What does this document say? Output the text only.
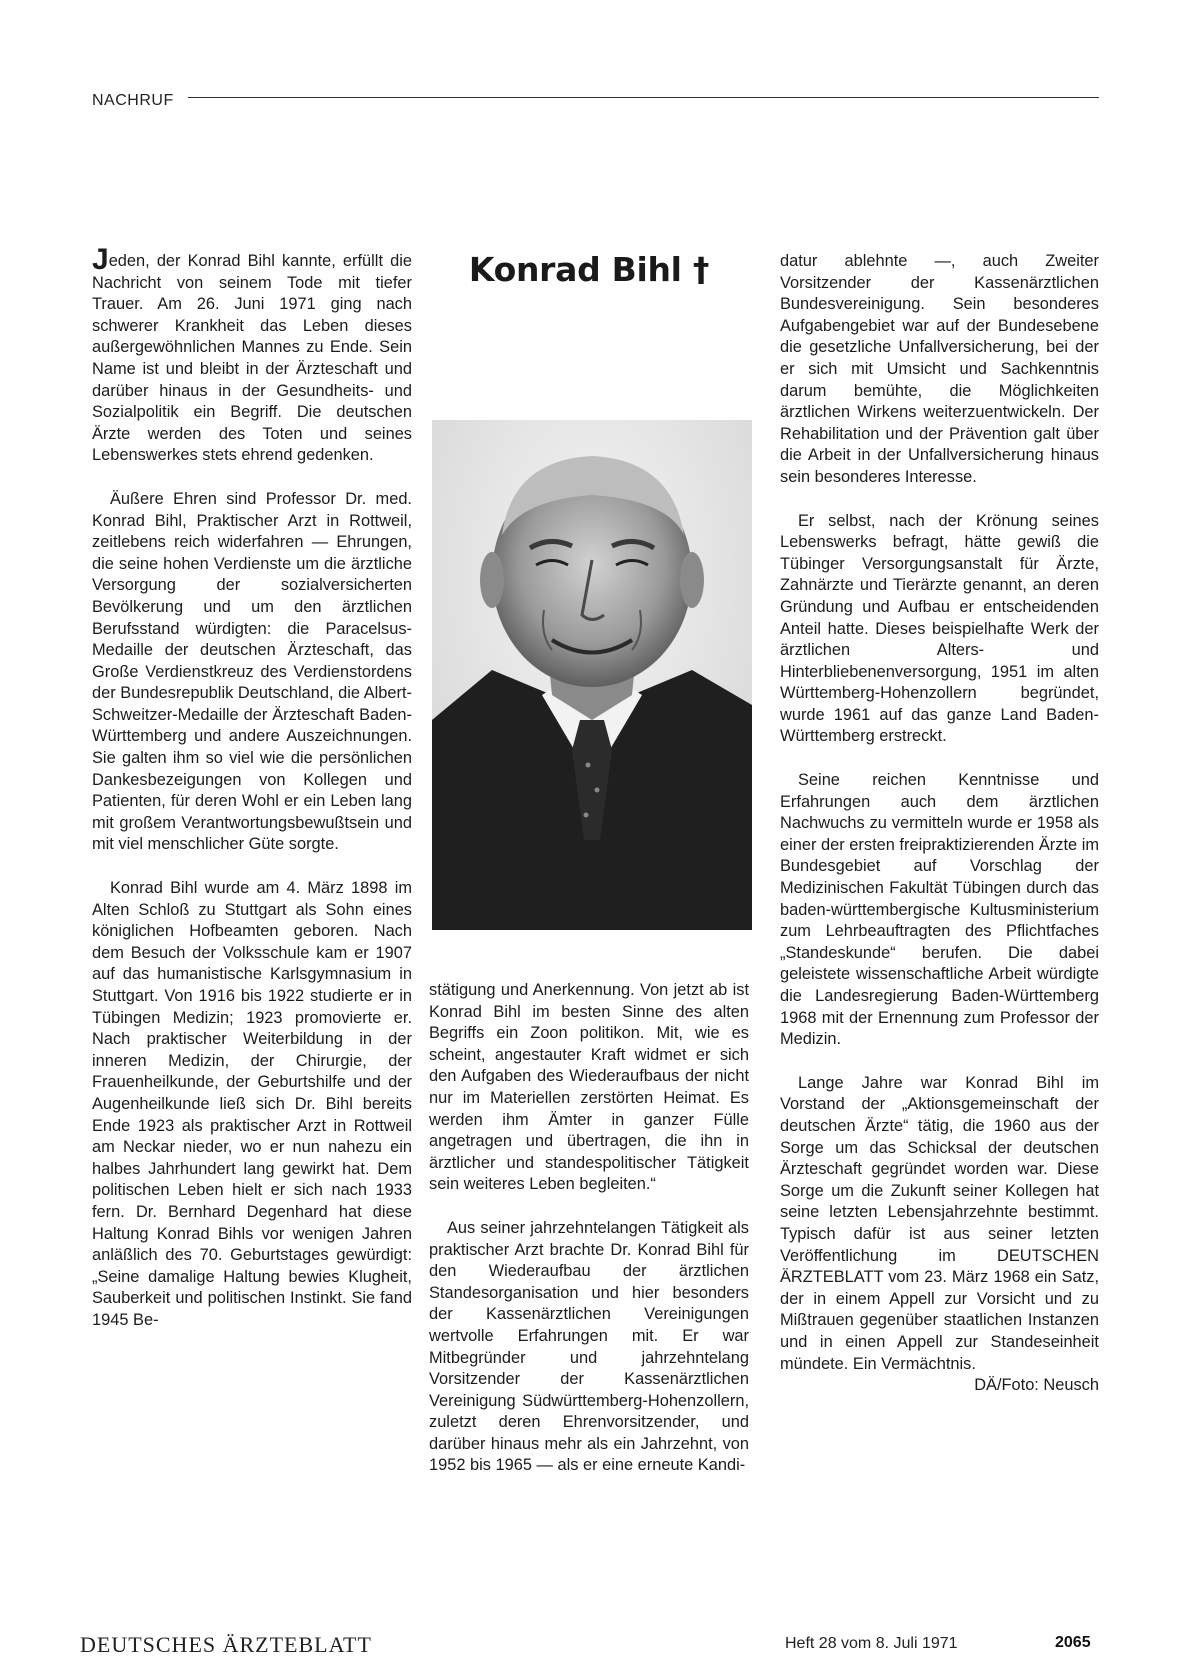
NACHRUF

Jeden, der Konrad Bihl kannte, erfüllt die Nachricht von seinem Tode mit tiefer Trauer. Am 26. Juni 1971 ging nach schwerer Krankheit das Leben dieses außergewöhnlichen Mannes zu Ende. Sein Name ist und bleibt in der Ärzteschaft und darüber hinaus in der Gesundheits- und Sozialpolitik ein Begriff. Die deutschen Ärzte werden des Toten und seines Lebenswerkes stets ehrend gedenken.

Äußere Ehren sind Professor Dr. med. Konrad Bihl, Praktischer Arzt in Rottweil, zeitlebens reich widerfahren — Ehrungen, die seine hohen Verdienste um die ärztliche Versorgung der sozialversicherten Bevölkerung und um den ärztlichen Berufsstand würdigten: die Paracelsus-Medaille der deutschen Ärzteschaft, das Große Verdienstkreuz des Verdienstordens der Bundesrepublik Deutschland, die Albert-Schweitzer-Medaille der Ärzteschaft Baden-Württemberg und andere Auszeichnungen. Sie galten ihm so viel wie die persönlichen Dankesbezeigungen von Kollegen und Patienten, für deren Wohl er ein Leben lang mit großem Verantwortungsbewußtsein und mit viel menschlicher Güte sorgte.

Konrad Bihl wurde am 4. März 1898 im Alten Schloß zu Stuttgart als Sohn eines königlichen Hofbeamten geboren. Nach dem Besuch der Volksschule kam er 1907 auf das humanistische Karlsgymnasium in Stuttgart. Von 1916 bis 1922 studierte er in Tübingen Medizin; 1923 promovierte er. Nach praktischer Weiterbildung in der inneren Medizin, der Chirurgie, der Frauenheilkunde, der Geburtshilfe und der Augenheilkunde ließ sich Dr. Bihl bereits Ende 1923 als praktischer Arzt in Rottweil am Neckar nieder, wo er nun nahezu ein halbes Jahrhundert lang gewirkt hat. Dem politischen Leben hielt er sich nach 1933 fern. Dr. Bernhard Degenhard hat diese Haltung Konrad Bihls vor wenigen Jahren anläßlich des 70. Geburtstages gewürdigt: „Seine damalige Haltung bewies Klugheit, Sauberkeit und politischen Instinkt. Sie fand 1945 Be-

Konrad Bihl †

stätigung und Anerkennung. Von jetzt ab ist Konrad Bihl im besten Sinne des alten Begriffs ein Zoon politikon. Mit, wie es scheint, angestauter Kraft widmet er sich den Aufgaben des Wiederaufbaus der nicht nur im Materiellen zerstörten Heimat. Es werden ihm Ämter in ganzer Fülle angetragen und übertragen, die ihn in ärztlicher und standespolitischer Tätigkeit sein weiteres Leben begleiten.“

Aus seiner jahrzehntelangen Tätigkeit als praktischer Arzt brachte Dr. Konrad Bihl für den Wiederaufbau der ärztlichen Standesorganisation und hier besonders der Kassenärztlichen Vereinigungen wertvolle Erfahrungen mit. Er war Mitbegründer und jahrzehntelang Vorsitzender der Kassenärztlichen Vereinigung Südwürttemberg-Hohenzollern, zuletzt deren Ehrenvorsitzender, und darüber hinaus mehr als ein Jahrzehnt, von 1952 bis 1965 — als er eine erneute Kandi-

datur ablehnte —, auch Zweiter Vorsitzender der Kassenärztlichen Bundesvereinigung. Sein besonderes Aufgabengebiet war auf der Bundesebene die gesetzliche Unfallversicherung, bei der er sich mit Umsicht und Sachkenntnis darum bemühte, die Möglichkeiten ärztlichen Wirkens weiterzuentwickeln. Der Rehabilitation und der Prävention galt über die Arbeit in der Unfallversicherung hinaus sein besonderes Interesse.

Er selbst, nach der Krönung seines Lebenswerks befragt, hätte gewiß die Tübinger Versorgungsanstalt für Ärzte, Zahnärzte und Tierärzte genannt, an deren Gründung und Aufbau er entscheidenden Anteil hatte. Dieses beispielhafte Werk der ärztlichen Alters- und Hinterbliebenenversorgung, 1951 im alten Württemberg-Hohenzollern begründet, wurde 1961 auf das ganze Land Baden-Württemberg erstreckt.

Seine reichen Kenntnisse und Erfahrungen auch dem ärztlichen Nachwuchs zu vermitteln wurde er 1958 als einer der ersten freipraktizierenden Ärzte im Bundesgebiet auf Vorschlag der Medizinischen Fakultät Tübingen durch das baden-württembergische Kultusministerium zum Lehrbeauftragten des Pflichtfaches „Standeskunde“ berufen. Die dabei geleistete wissenschaftliche Arbeit würdigte die Landesregierung Baden-Württemberg 1968 mit der Ernennung zum Professor der Medizin.

Lange Jahre war Konrad Bihl im Vorstand der „Aktionsgemeinschaft der deutschen Ärzte“ tätig, die 1960 aus der Sorge um das Schicksal der deutschen Ärzteschaft gegründet worden war. Diese Sorge um die Zukunft seiner Kollegen hat seine letzten Lebensjahrzehnte bestimmt. Typisch dafür ist aus seiner letzten Veröffentlichung im DEUTSCHEN ÄRZTEBLATT vom 23. März 1968 ein Satz, der in einem Appell zur Vorsicht und zu Mißtrauen gegenüber staatlichen Instanzen und in einen Appell zur Standeseinheit mündete. Ein Vermächtnis.
DÄ/Foto: Neusch

DEUTSCHES ÄRZTEBLATT	Heft 28 vom 8. Juli 1971	2065
